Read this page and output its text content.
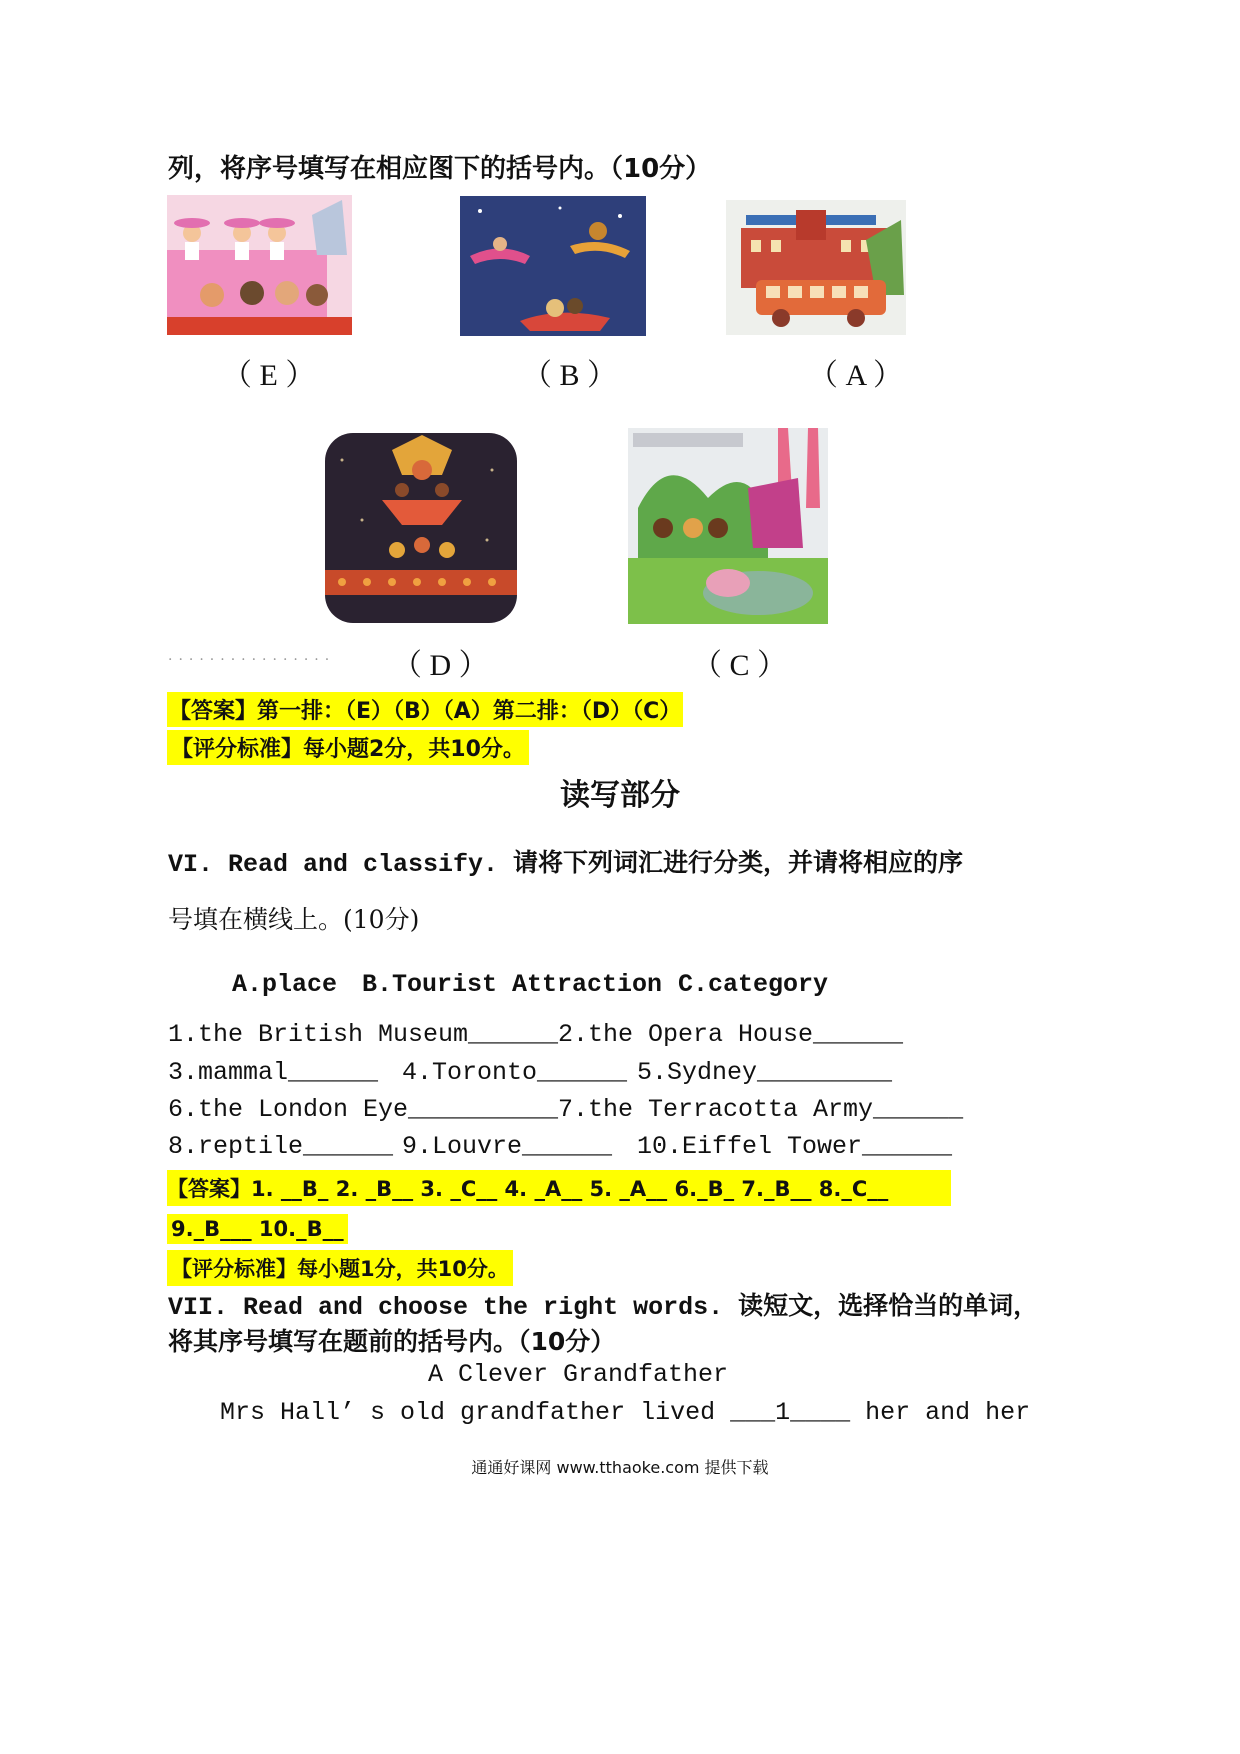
列，将序号填写在相应图下的括号内。（10分）
（ E ）	（ B ）	（ A ）
················ （ D ）	（ C ）
【答案】第一排：（E）（B）（A）第二排：（D）（C）
【评分标准】每小题2分，共10分。
读写部分
VI. Read and classify. 请将下列词汇进行分类，并请将相应的序
号填在横线上。(10分)
A.place B.Tourist Attraction C.category
1.the British Museum______ 2.the Opera House______
3.mammal______ 4.Toronto______ 5.Sydney_________
6.the London Eye__________ 7.the Terracotta Army______
8.reptile______ 9.Louvre______ 10.Eiffel Tower______
【答案】1. __B_ 2. _B__ 3. _C__ 4. _A__ 5. _A__ 6._B_ 7._B__ 8._C__
9._B___ 10._B__
【评分标准】每小题1分，共10分。
VII. Read and choose the right words. 读短文，选择恰当的单词，
将其序号填写在题前的括号内。（10分）
A Clever Grandfather
Mrs Hall’ s old grandfather lived ___1____ her and her
通通好课网 www.tthaoke.com 提供下载
